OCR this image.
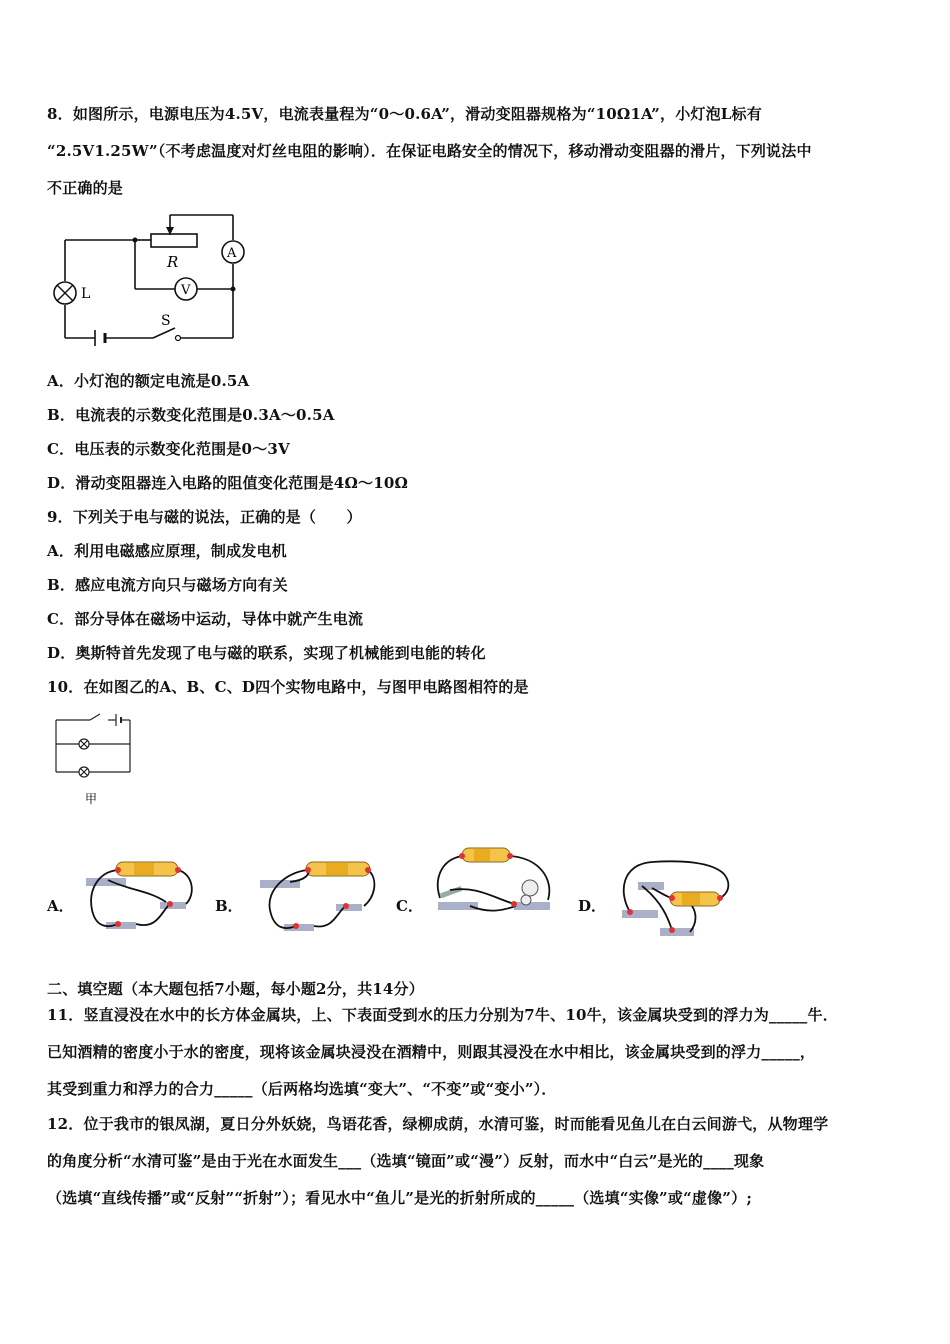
8．如图所示，电源电压为4.5V，电流表量程为“0～0.6A”，滑动变阻器规格为“10Ω1A”，小灯泡L标有
“2.5V1.25W”（不考虑温度对灯丝电阻的影响）．在保证电路安全的情况下，移动滑动变阻器的滑片，下列说法中
不正确的是
R	A
V
L
S
A．小灯泡的额定电流是0.5A
B．电流表的示数变化范围是0.3A～0.5A
C．电压表的示数变化范围是0～3V
D．滑动变阻器连入电路的阻值变化范围是4Ω～10Ω
9．下列关于电与磁的说法，正确的是（　　）
A．利用电磁感应原理，制成发电机
B．感应电流方向只与磁场方向有关
C．部分导体在磁场中运动，导体中就产生电流
D．奥斯特首先发现了电与磁的联系，实现了机械能到电能的转化
10．在如图乙的A、B、C、D四个实物电路中，与图甲电路图相符的是
甲
A．	B．	C．	D．
二、填空题（本大题包括7小题，每小题2分，共14分）
11．竖直浸没在水中的长方体金属块，上、下表面受到水的压力分别为7牛、10牛，该金属块受到的浮力为_____牛．
已知酒精的密度小于水的密度，现将该金属块浸没在酒精中，则跟其浸没在水中相比，该金属块受到的浮力_____，
其受到重力和浮力的合力_____（后两格均选填“变大”、“不变”或“变小”）．
12．位于我市的银凤湖，夏日分外妖娆，鸟语花香，绿柳成荫，水清可鉴，时而能看见鱼儿在白云间游弋，从物理学
的角度分析“水清可鉴”是由于光在水面发生___（选填“镜面”或“漫”）反射，而水中“白云”是光的____现象
（选填“直线传播”或“反射”“折射”）；看见水中“鱼儿”是光的折射所成的_____（选填“实像”或“虚像”）;
